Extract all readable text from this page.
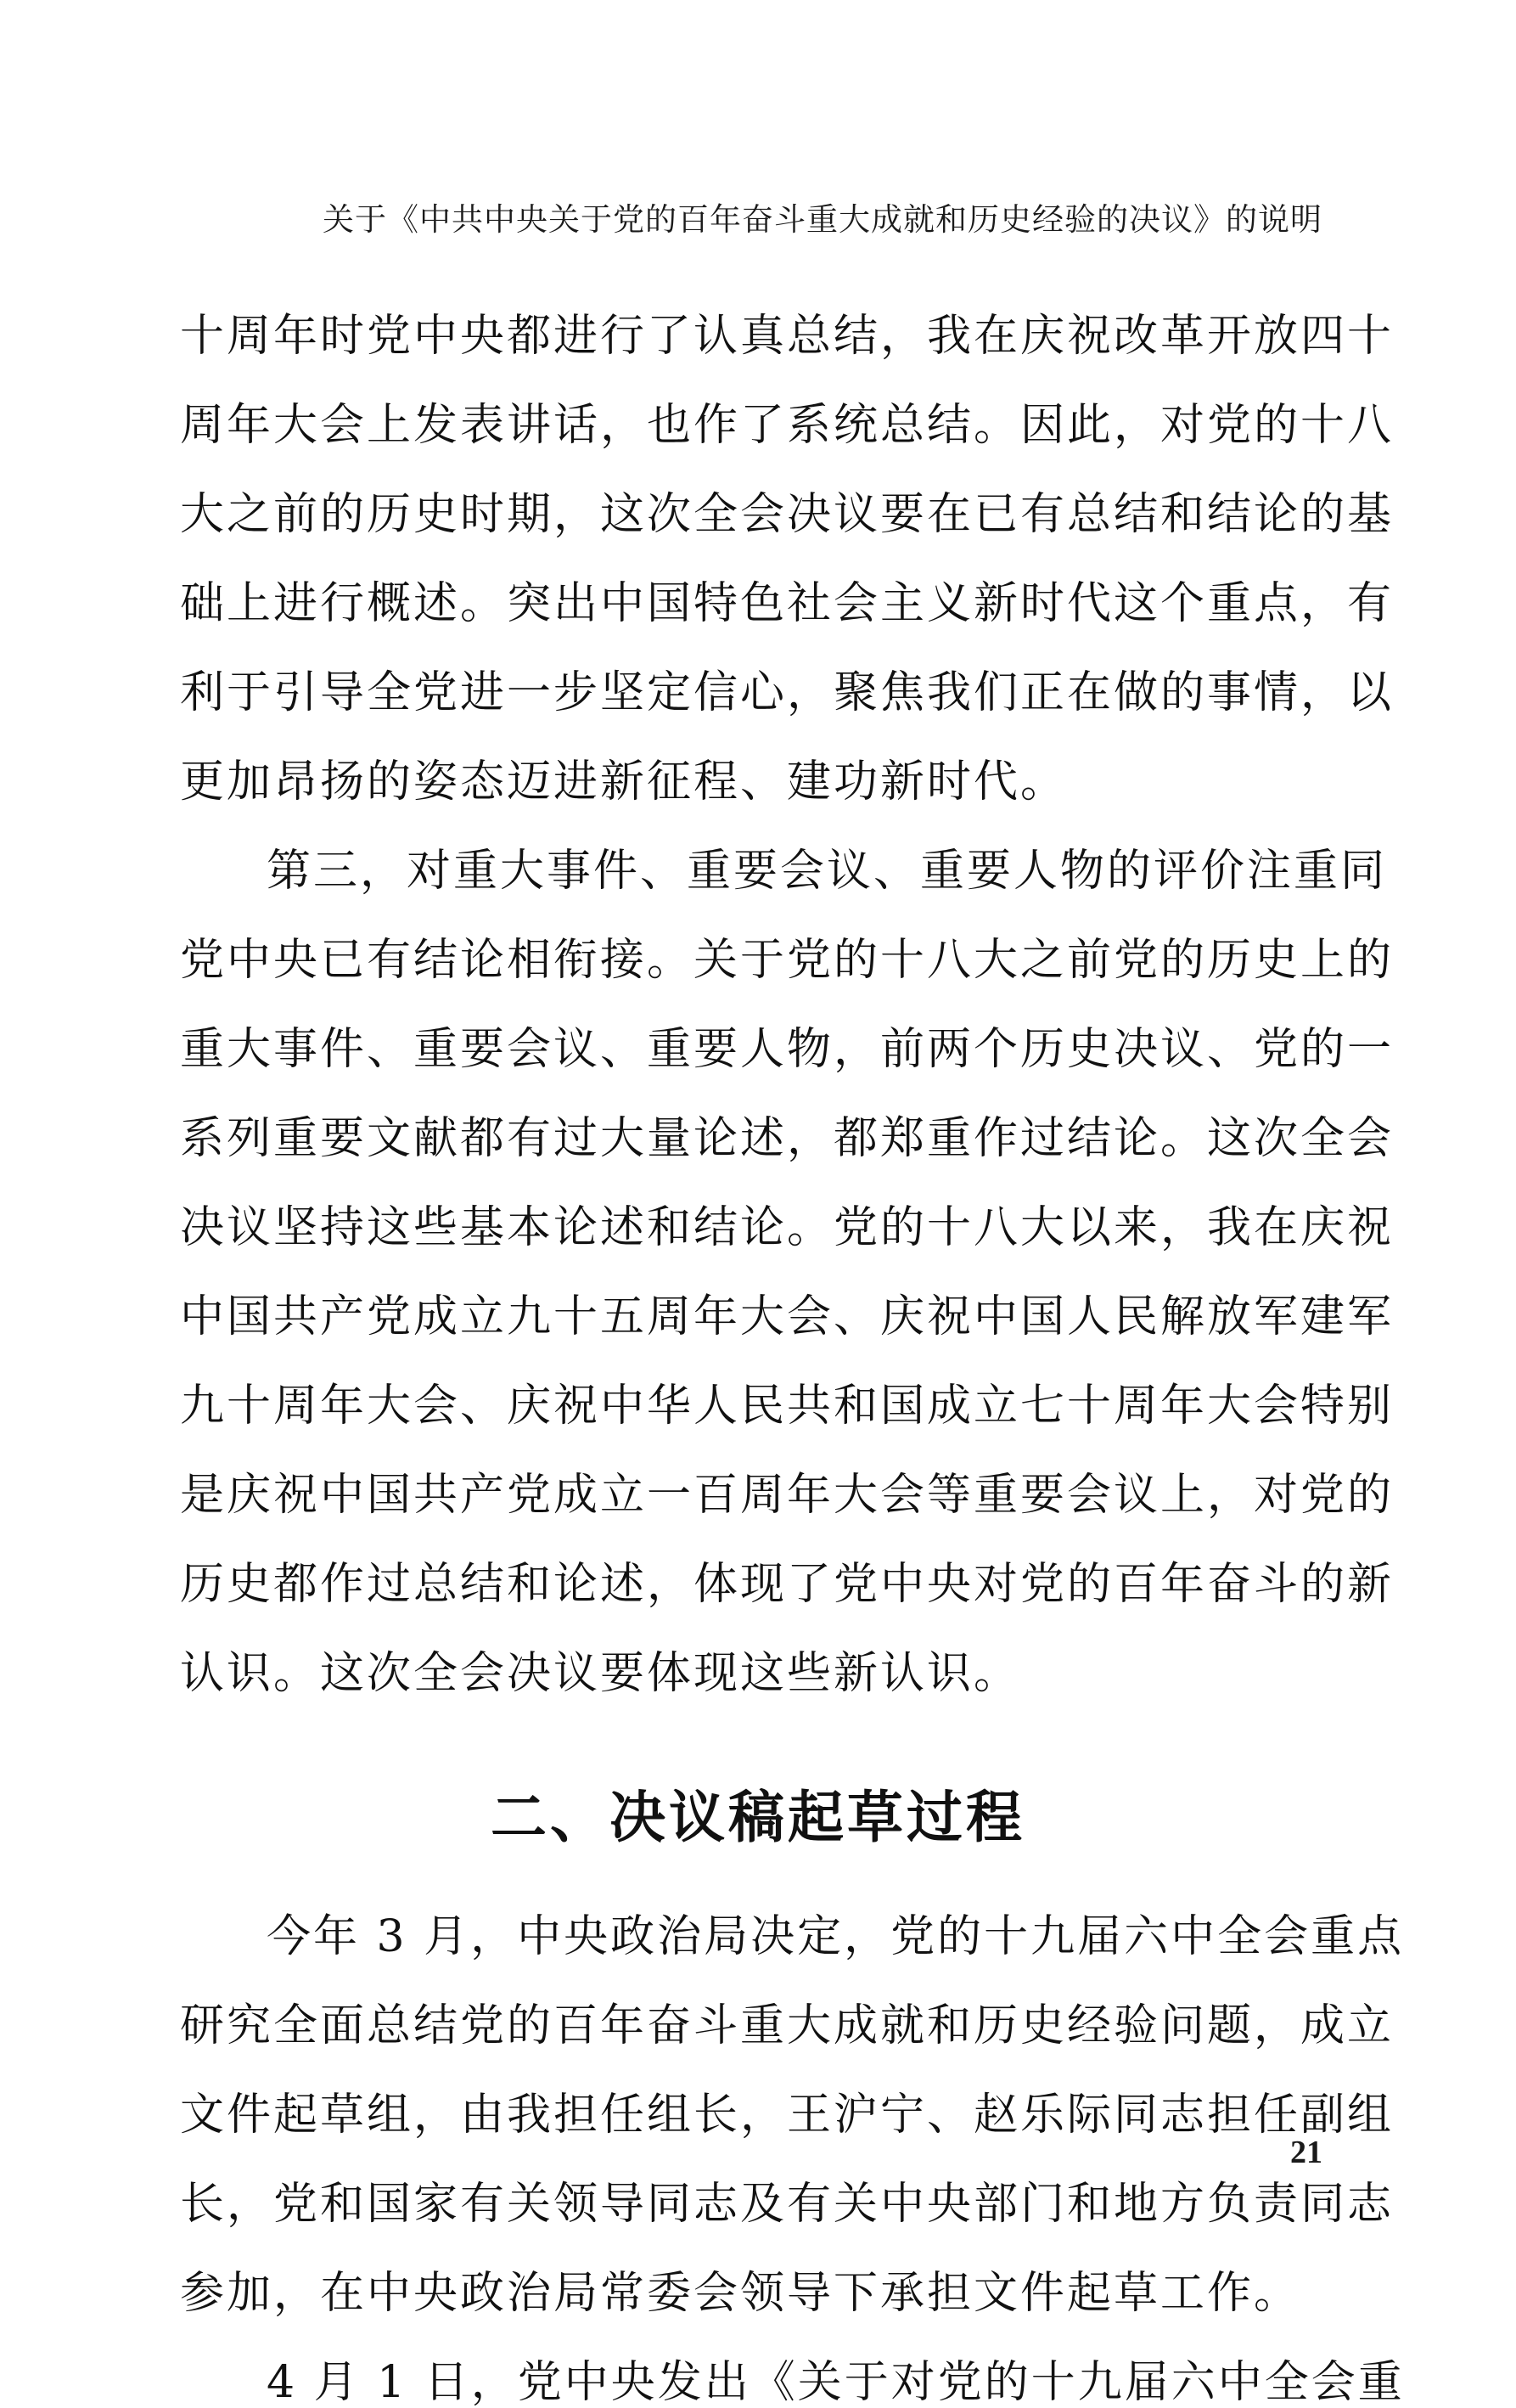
关于《中共中央关于党的百年奋斗重大成就和历史经验的决议》的说明
十周年时党中央都进行了认真总结，我在庆祝改革开放四十
周年大会上发表讲话，也作了系统总结。因此，对党的十八
大之前的历史时期，这次全会决议要在已有总结和结论的基
础上进行概述。突出中国特色社会主义新时代这个重点，有
利于引导全党进一步坚定信心，聚焦我们正在做的事情，以
更加昂扬的姿态迈进新征程、建功新时代。
第三，对重大事件、重要会议、重要人物的评价注重同
党中央已有结论相衔接。关于党的十八大之前党的历史上的
重大事件、重要会议、重要人物，前两个历史决议、党的一
系列重要文献都有过大量论述，都郑重作过结论。这次全会
决议坚持这些基本论述和结论。党的十八大以来，我在庆祝
中国共产党成立九十五周年大会、庆祝中国人民解放军建军
九十周年大会、庆祝中华人民共和国成立七十周年大会特别
是庆祝中国共产党成立一百周年大会等重要会议上，对党的
历史都作过总结和论述，体现了党中央对党的百年奋斗的新
认识。这次全会决议要体现这些新认识。
二、决议稿起草过程
今年 3 月，中央政治局决定，党的十九届六中全会重点
研究全面总结党的百年奋斗重大成就和历史经验问题，成立
文件起草组，由我担任组长，王沪宁、赵乐际同志担任副组
长，党和国家有关领导同志及有关中央部门和地方负责同志
参加，在中央政治局常委会领导下承担文件起草工作。
4 月 1 日，党中央发出《关于对党的十九届六中全会重
21
